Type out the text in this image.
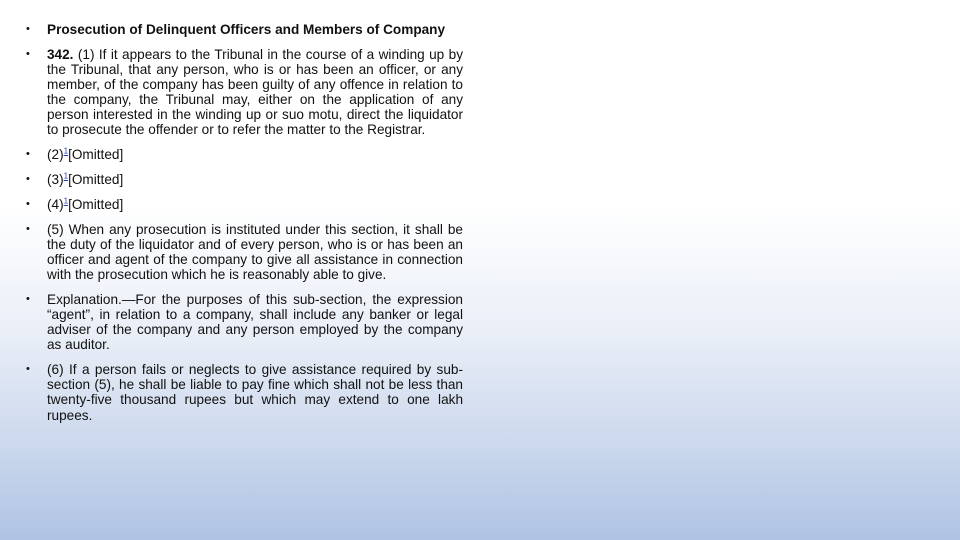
• Prosecution of Delinquent Officers and Members of Company
• 342. (1) If it appears to the Tribunal in the course of a winding up by the Tribunal, that any person, who is or has been an officer, or any member, of the company has been guilty of any offence in relation to the company, the Tribunal may, either on the application of any person interested in the winding up or suo motu, direct the liquidator to prosecute the offender or to refer the matter to the Registrar.
• (2)$^1$[Omitted]
• (3)$^1$[Omitted]
• (4)$^1$[Omitted]
• (5) When any prosecution is instituted under this section, it shall be the duty of the liquidator and of every person, who is or has been an officer and agent of the company to give all assistance in connection with the prosecution which he is reasonably able to give.
• Explanation.—For the purposes of this sub-section, the expression “agent”, in relation to a company, shall include any banker or legal adviser of the company and any person employed by the company as auditor.
• (6) If a person fails or neglects to give assistance required by sub-section (5), he shall be liable to pay fine which shall not be less than twenty-five thousand rupees but which may extend to one lakh rupees.
